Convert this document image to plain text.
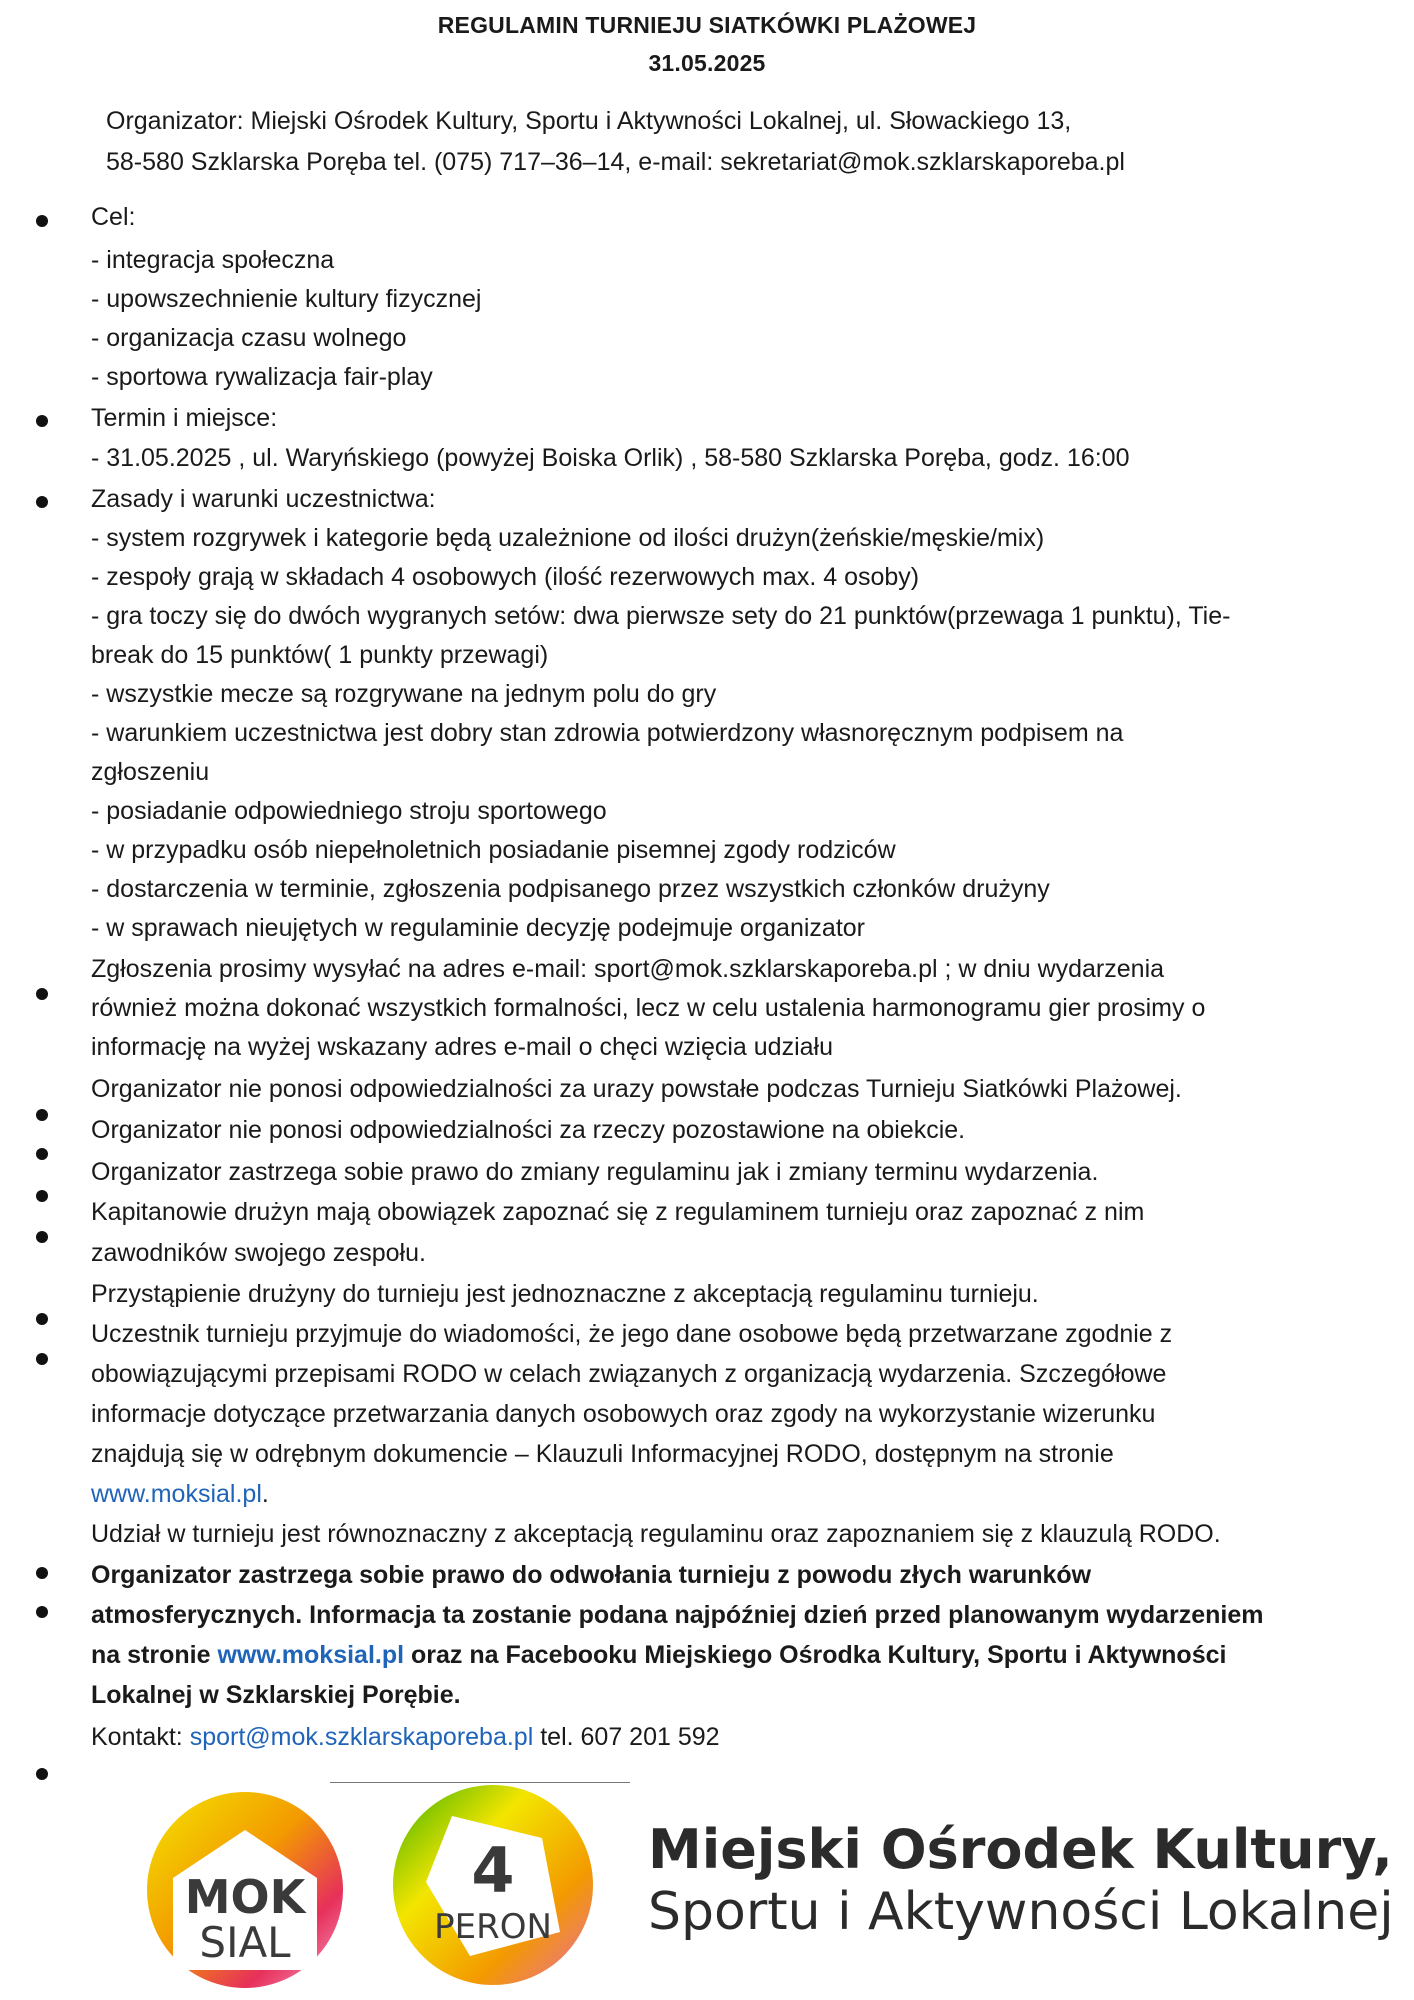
REGULAMIN TURNIEJU SIATKÓWKI PLAŻOWEJ
31.05.2025
Organizator: Miejski Ośrodek Kultury, Sportu i Aktywności Lokalnej, ul. Słowackiego 13,
58-580 Szklarska Poręba tel. (075) 717–36–14, e-mail: sekretariat@mok.szklarskaporeba.pl
Cel:
- integracja społeczna
- upowszechnienie kultury fizycznej
- organizacja czasu wolnego
- sportowa rywalizacja fair-play
Termin i miejsce:
- 31.05.2025 , ul. Waryńskiego (powyżej Boiska Orlik) , 58-580 Szklarska Poręba, godz. 16:00
Zasady i warunki uczestnictwa:
- system rozgrywek i kategorie będą uzależnione od ilości drużyn(żeńskie/męskie/mix)
- zespoły grają w składach 4 osobowych (ilość rezerwowych max. 4 osoby)
- gra toczy się do dwóch wygranych setów: dwa pierwsze sety do 21 punktów(przewaga 1 punktu), Tie-
break do 15 punktów( 1 punkty przewagi)
- wszystkie mecze są rozgrywane na jednym polu do gry
- warunkiem uczestnictwa jest dobry stan zdrowia potwierdzony własnoręcznym podpisem na
zgłoszeniu
- posiadanie odpowiedniego stroju sportowego
- w przypadku osób niepełnoletnich posiadanie pisemnej zgody rodziców
- dostarczenia w terminie, zgłoszenia podpisanego przez wszystkich członków drużyny
- w sprawach nieujętych w regulaminie decyzję podejmuje organizator
Zgłoszenia prosimy wysyłać na adres e-mail: sport@mok.szklarskaporeba.pl ; w dniu wydarzenia
również można dokonać wszystkich formalności, lecz w celu ustalenia harmonogramu gier prosimy o
informację na wyżej wskazany adres e-mail o chęci wzięcia udziału
Organizator nie ponosi odpowiedzialności za urazy powstałe podczas Turnieju Siatkówki Plażowej.
Organizator nie ponosi odpowiedzialności za rzeczy pozostawione na obiekcie.
Organizator zastrzega sobie prawo do zmiany regulaminu jak i zmiany terminu wydarzenia.
Kapitanowie drużyn mają obowiązek zapoznać się z regulaminem turnieju oraz zapoznać z nim
zawodników swojego zespołu.
Przystąpienie drużyny do turnieju jest jednoznaczne z akceptacją regulaminu turnieju.
Uczestnik turnieju przyjmuje do wiadomości, że jego dane osobowe będą przetwarzane zgodnie z
obowiązującymi przepisami RODO w celach związanych z organizacją wydarzenia. Szczegółowe
informacje dotyczące przetwarzania danych osobowych oraz zgody na wykorzystanie wizerunku
znajdują się w odrębnym dokumencie – Klauzuli Informacyjnej RODO, dostępnym na stronie
www.moksial.pl.
Udział w turnieju jest równoznaczny z akceptacją regulaminu oraz zapoznaniem się z klauzulą RODO.
Organizator zastrzega sobie prawo do odwołania turnieju z powodu złych warunków
atmosferycznych. Informacja ta zostanie podana najpóźniej dzień przed planowanym wydarzeniem
na stronie www.moksial.pl oraz na Facebooku Miejskiego Ośrodka Kultury, Sportu i Aktywności
Lokalnej w Szklarskiej Porębie.
Kontakt: sport@mok.szklarskaporeba.pl tel. 607 201 592
MOK
SIAL
4
PERON
Miejski Ośrodek Kultury,
Sportu i Aktywności Lokalnej
